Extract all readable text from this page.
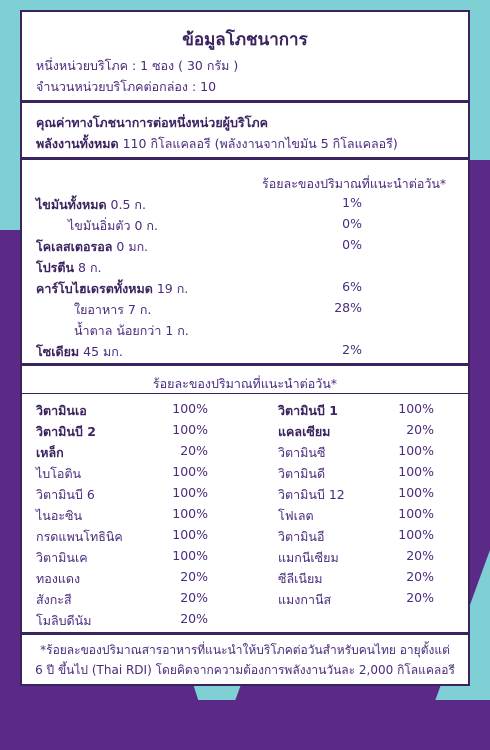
ข้อมูลโภชนาการ
หนึ่งหน่วยบริโภค : 1 ซอง ( 30 กรัม )
จำนวนหน่วยบริโภคต่อกล่อง : 10
คุณค่าทางโภชนาการต่อหนึ่งหน่วยผู้บริโภค
พลังงานทั้งหมด 110 กิโลแคลอรี (พลังงานจากไขมัน 5 กิโลแคลอรี)
ร้อยละของปริมาณที่แนะนำต่อวัน*
ไขมันทั้งหมด 0.5 ก.	1%
ไขมันอิ่มตัว 0 ก.	0%
โคเลสเตอรอล 0 มก.	0%
โปรตีน 8 ก.
คาร์โบไฮเดรตทั้งหมด 19 ก.	6%
ใยอาหาร 7 ก.	28%
น้ำตาล น้อยกว่า 1 ก.
โซเดียม 45 มก.	2%
ร้อยละของปริมาณที่แนะนำต่อวัน*
วิตามินเอ	100%
วิตามินบี 2	100%
เหล็ก	20%
ไบโอติน	100%
วิตามินบี 6	100%
ไนอะซิน	100%
กรดแพนโทธินิค	100%
วิตามินเค	100%
ทองแดง	20%
สังกะสี	20%
โมลิบดีนัม	20%
วิตามินบี 1	100%
แคลเซียม	20%
วิตามินซี	100%
วิตามินดี	100%
วิตามินบี 12	100%
โฟเลต	100%
วิตามินอี	100%
แมกนีเซียม	20%
ซีลีเนียม	20%
แมงกานีส	20%
*ร้อยละของปริมาณสารอาหารที่แนะนำให้บริโภคต่อวันสำหรับคนไทย อายุตั้งแต่
6 ปี ขึ้นไป (Thai RDI) โดยคิดจากความต้องการพลังงานวันละ 2,000 กิโลแคลอรี
